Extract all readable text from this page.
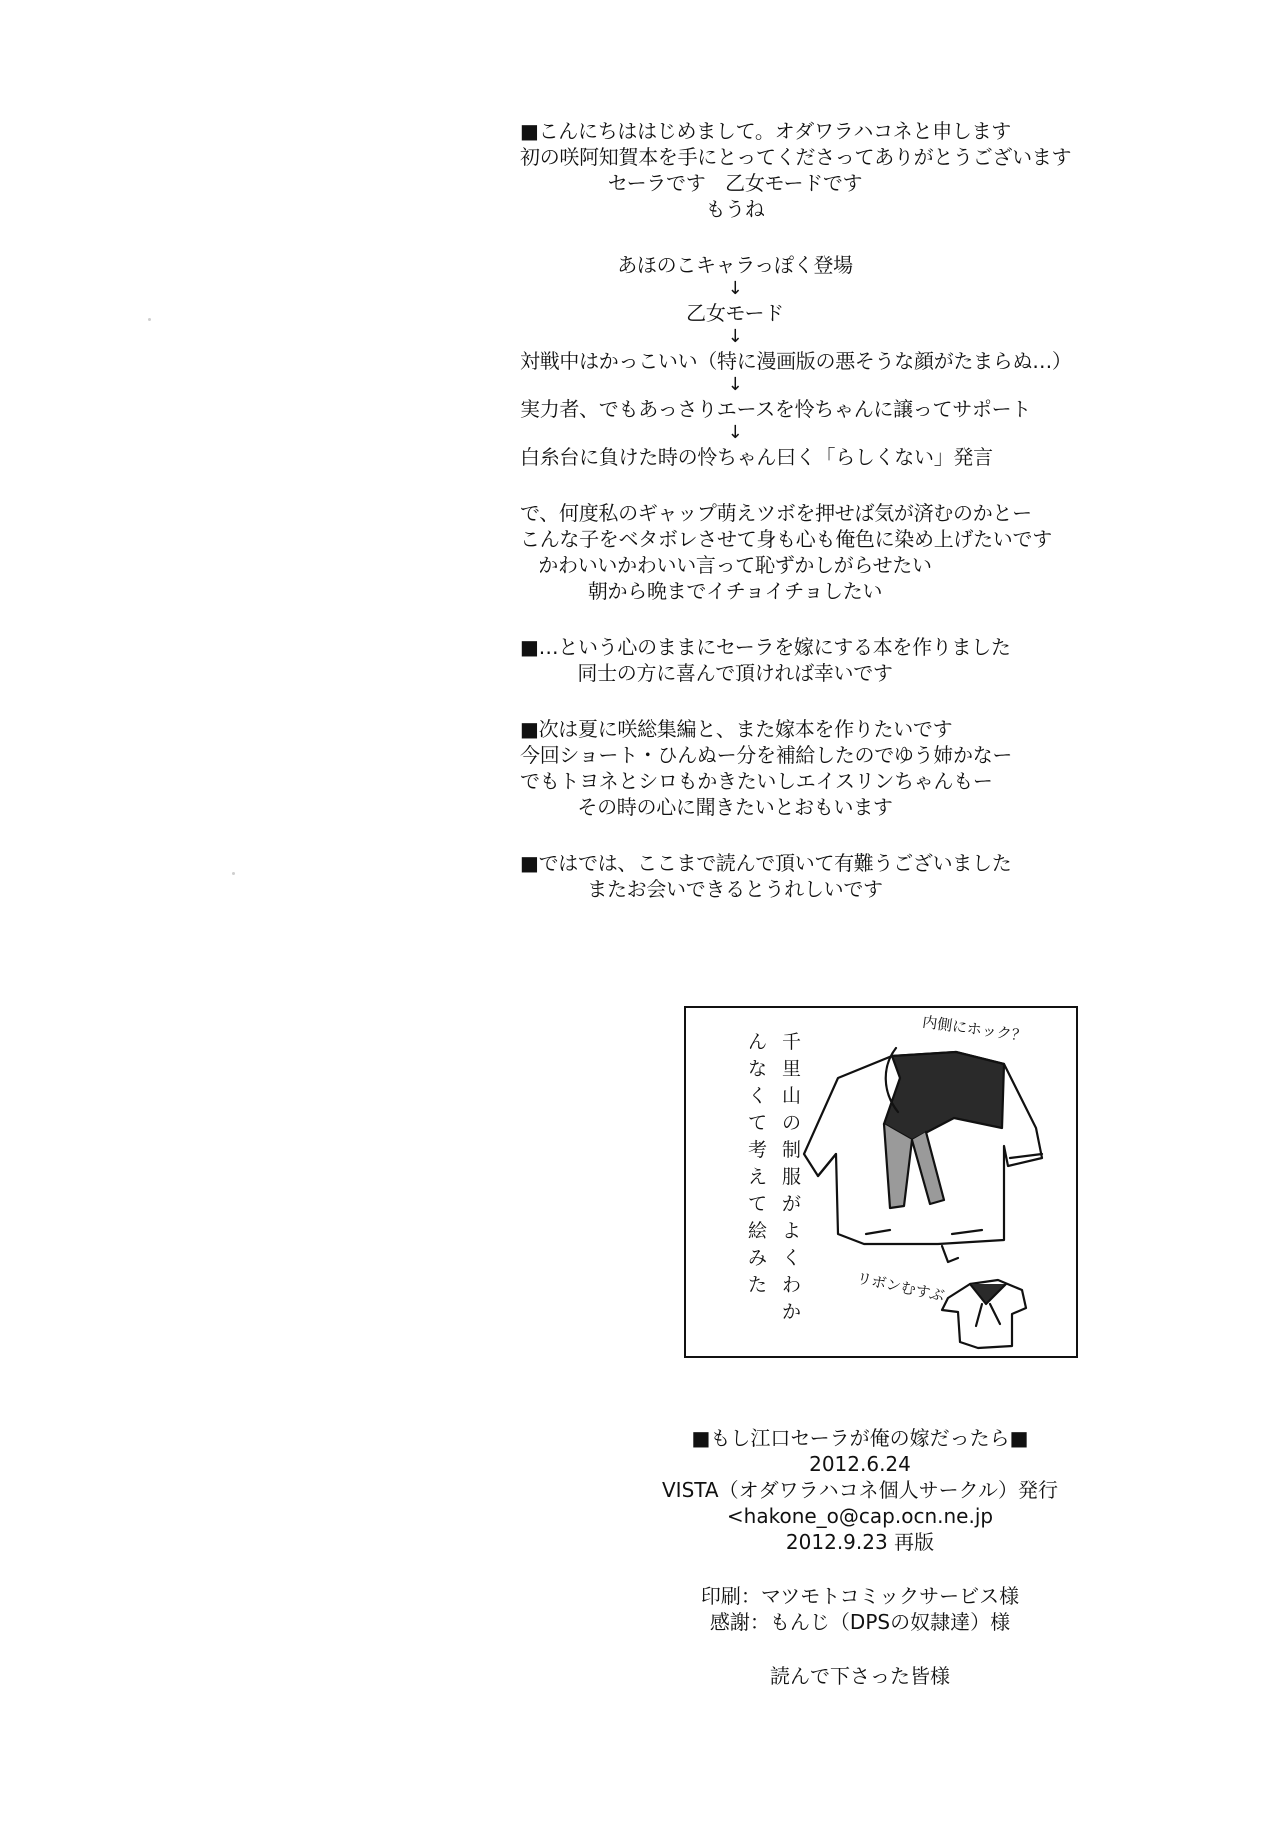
■こんにちははじめまして。オダワラハコネと申します
初の咲阿知賀本を手にとってくださってありがとうございます
セーラです　乙女モードです
もうね
あほのこキャラっぽく登場
↓
乙女モード
↓
対戦中はかっこいい（特に漫画版の悪そうな顔がたまらぬ…）
↓
実力者、でもあっさりエースを怜ちゃんに譲ってサポート
↓
白糸台に負けた時の怜ちゃん曰く「らしくない」発言
で、何度私のギャップ萌えツボを押せば気が済むのかとー
こんな子をベタボレさせて身も心も俺色に染め上げたいです
かわいいかわいい言って恥ずかしがらせたい
朝から晩までイチョイチョしたい
■…という心のままにセーラを嫁にする本を作りました
同士の方に喜んで頂ければ幸いです
■次は夏に咲総集編と、また嫁本を作りたいです
今回ショート・ひんぬー分を補給したのでゆう姉かなー
でもトヨネとシロもかきたいしエイスリンちゃんもー
その時の心に聞きたいとおもいます
■ではでは、ここまで読んで頂いて有難うございました
またお会いできるとうれしいです
千里山の制服がよくわかんなくて考えて絵みた
内側にホック？
リボンむすぶ
■もし江口セーラが俺の嫁だったら■
2012.6.24
VISTA（オダワラハコネ個人サークル）発行
<hakone_o@cap.ocn.ne.jp
2012.9.23 再版
印刷：マツモトコミックサービス様
感謝：もんじ（DPSの奴隷達）様
読んで下さった皆様
